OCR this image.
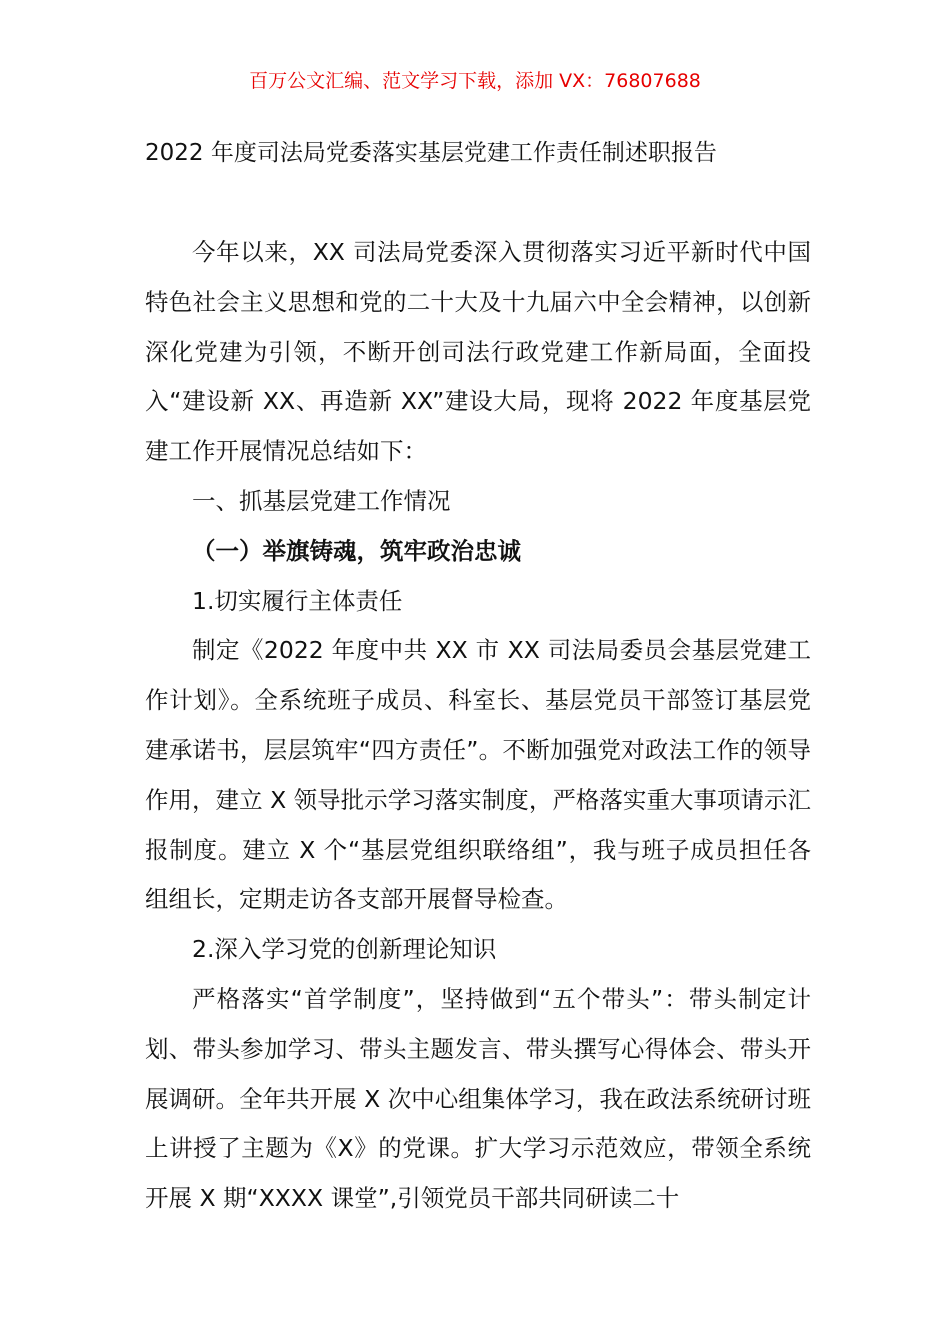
百万公文汇编、范文学习下载，添加 VX：76807688
2022 年度司法局党委落实基层党建工作责任制述职报告

今年以来，XX 司法局党委深入贯彻落实习近平新时代中国特色社会主义思想和党的二十大及十九届六中全会精神，以创新深化党建为引领，不断开创司法行政党建工作新局面，全面投入“建设新 XX、再造新 XX”建设大局，现将 2022 年度基层党建工作开展情况总结如下：

一、抓基层党建工作情况

（一）举旗铸魂，筑牢政治忠诚

1.切实履行主体责任

制定《2022 年度中共 XX 市 XX 司法局委员会基层党建工作计划》。全系统班子成员、科室长、基层党员干部签订基层党建承诺书，层层筑牢“四方责任”。不断加强党对政法工作的领导作用，建立 X 领导批示学习落实制度，严格落实重大事项请示汇报制度。建立 X 个“基层党组织联络组”，我与班子成员担任各组组长，定期走访各支部开展督导检查。

2.深入学习党的创新理论知识

严格落实“首学制度”，坚持做到“五个带头”：带头制定计划、带头参加学习、带头主题发言、带头撰写心得体会、带头开展调研。全年共开展 X 次中心组集体学习，我在政法系统研讨班上讲授了主题为《X》的党课。扩大学习示范效应，带领全系统开展 X 期“XXXX 课堂”,引领党员干部共同研读二十
